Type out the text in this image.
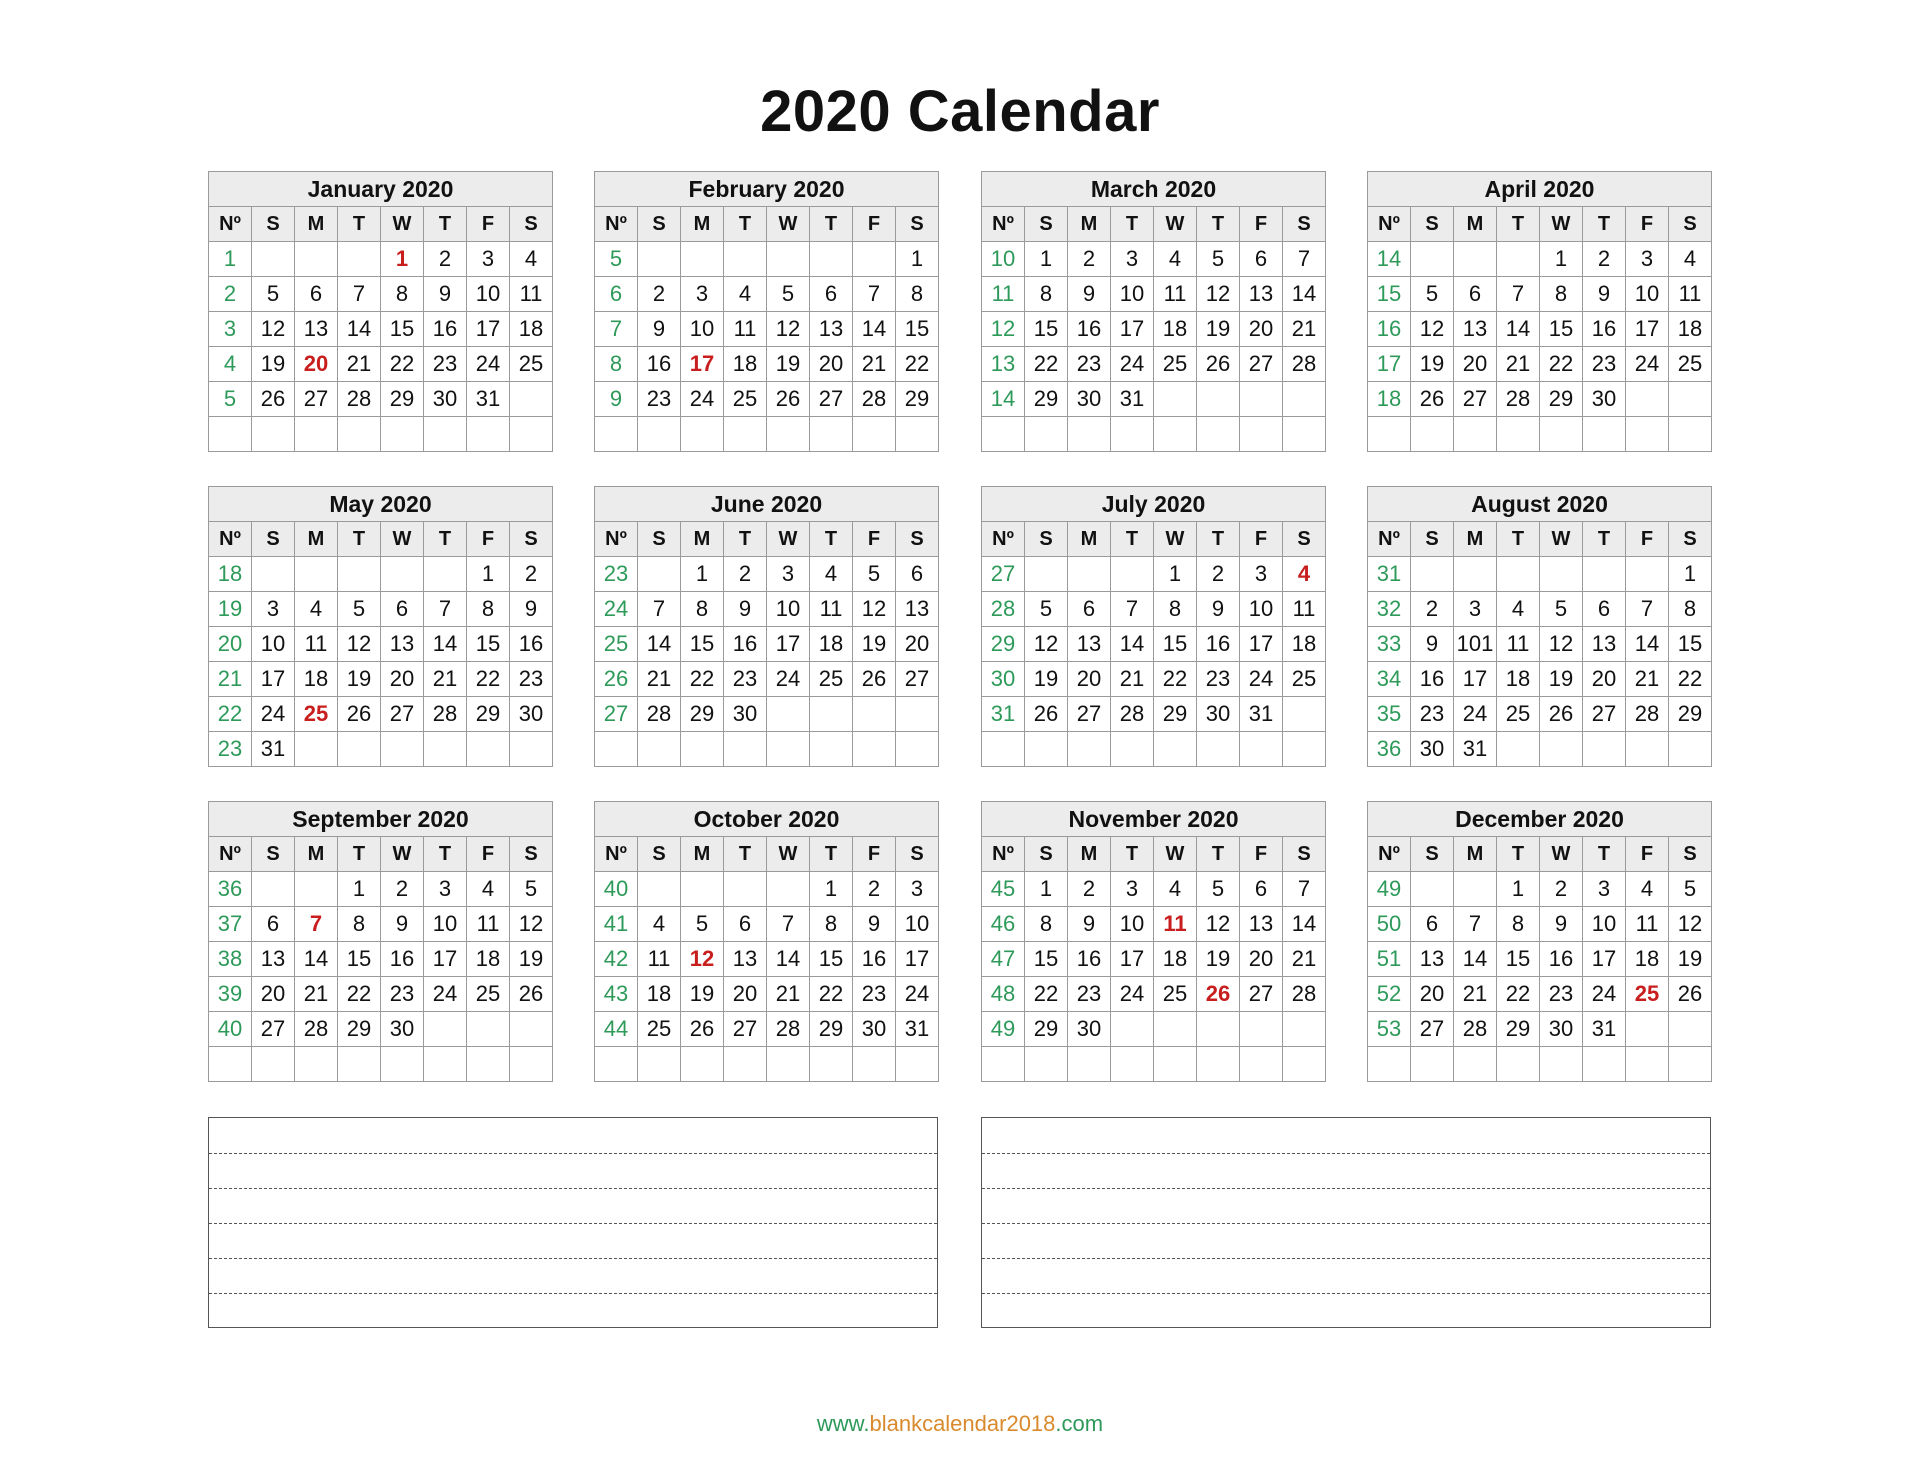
2020 Calendar
January 2020							
Nº	S	M	T	W	T	F	S
1				1	2	3	4
2	5	6	7	8	9	10	11
3	12	13	14	15	16	17	18
4	19	20	21	22	23	24	25
5	26	27	28	29	30	31	

February 2020							
Nº	S	M	T	W	T	F	S
5							1
6	2	3	4	5	6	7	8
7	9	10	11	12	13	14	15
8	16	17	18	19	20	21	22
9	23	24	25	26	27	28	29

March 2020							
Nº	S	M	T	W	T	F	S
10	1	2	3	4	5	6	7
11	8	9	10	11	12	13	14
12	15	16	17	18	19	20	21
13	22	23	24	25	26	27	28
14	29	30	31				

April 2020							
Nº	S	M	T	W	T	F	S
14				1	2	3	4
15	5	6	7	8	9	10	11
16	12	13	14	15	16	17	18
17	19	20	21	22	23	24	25
18	26	27	28	29	30		

May 2020							
Nº	S	M	T	W	T	F	S
18						1	2
19	3	4	5	6	7	8	9
20	10	11	12	13	14	15	16
21	17	18	19	20	21	22	23
22	24	25	26	27	28	29	30
23	31						
June 2020							
Nº	S	M	T	W	T	F	S
23		1	2	3	4	5	6
24	7	8	9	10	11	12	13
25	14	15	16	17	18	19	20
26	21	22	23	24	25	26	27
27	28	29	30				

July 2020							
Nº	S	M	T	W	T	F	S
27				1	2	3	4
28	5	6	7	8	9	10	11
29	12	13	14	15	16	17	18
30	19	20	21	22	23	24	25
31	26	27	28	29	30	31	

August 2020							
Nº	S	M	T	W	T	F	S
31							1
32	2	3	4	5	6	7	8
33	9	101	11	12	13	14	15
34	16	17	18	19	20	21	22
35	23	24	25	26	27	28	29
36	30	31					
September 2020							
Nº	S	M	T	W	T	F	S
36			1	2	3	4	5
37	6	7	8	9	10	11	12
38	13	14	15	16	17	18	19
39	20	21	22	23	24	25	26
40	27	28	29	30			

October 2020							
Nº	S	M	T	W	T	F	S
40					1	2	3
41	4	5	6	7	8	9	10
42	11	12	13	14	15	16	17
43	18	19	20	21	22	23	24
44	25	26	27	28	29	30	31

November 2020							
Nº	S	M	T	W	T	F	S
45	1	2	3	4	5	6	7
46	8	9	10	11	12	13	14
47	15	16	17	18	19	20	21
48	22	23	24	25	26	27	28
49	29	30					

December 2020							
Nº	S	M	T	W	T	F	S
49			1	2	3	4	5
50	6	7	8	9	10	11	12
51	13	14	15	16	17	18	19
52	20	21	22	23	24	25	26
53	27	28	29	30	31		

www.blankcalendar2018.com
